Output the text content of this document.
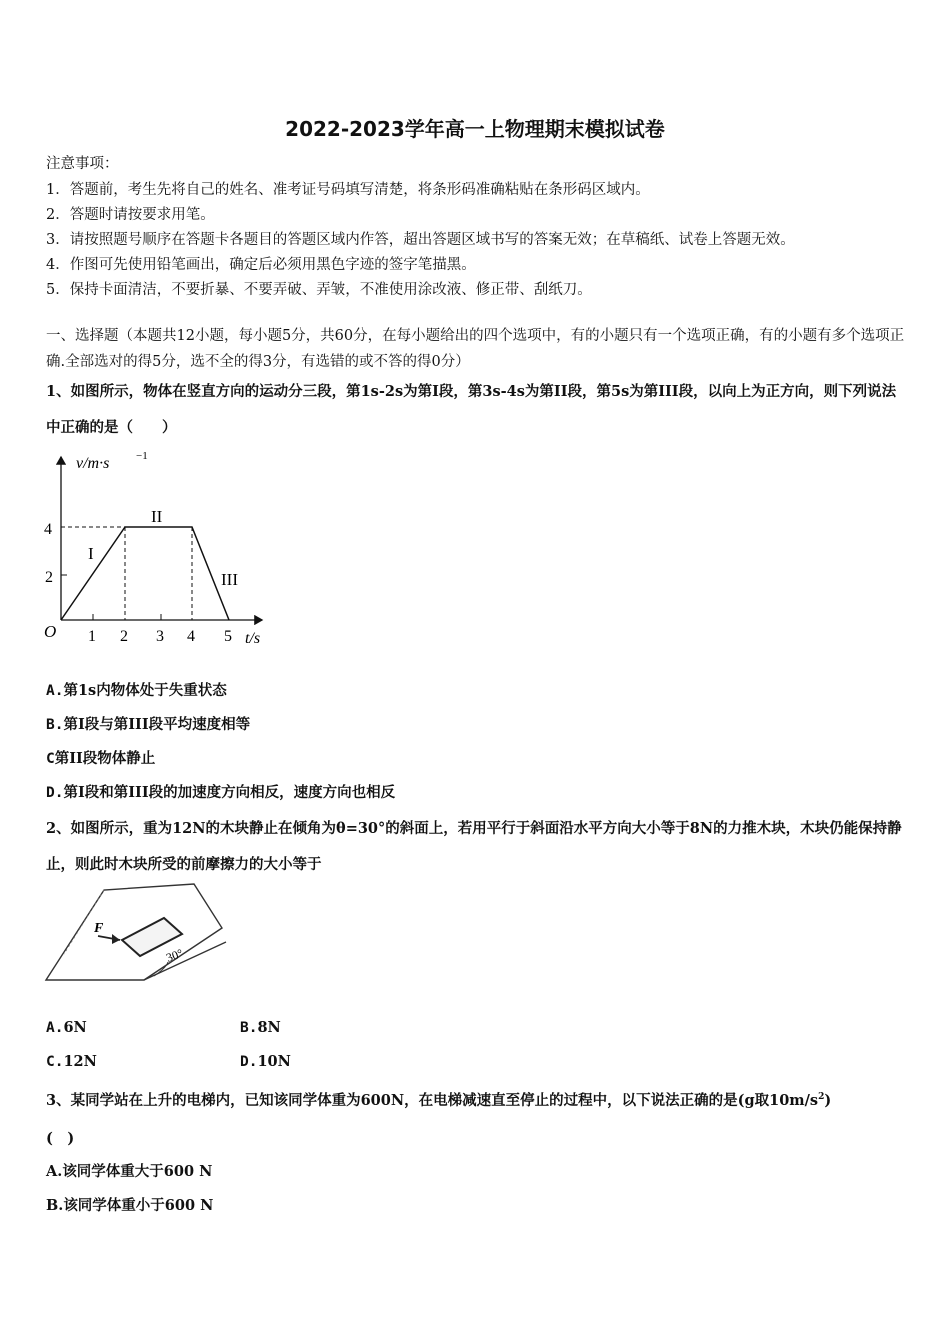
2022-2023学年高一上物理期末模拟试卷
注意事项：
1．答题前，考生先将自己的姓名、准考证号码填写清楚，将条形码准确粘贴在条形码区域内。
2．答题时请按要求用笔。
3．请按照题号顺序在答题卡各题目的答题区域内作答，超出答题区域书写的答案无效；在草稿纸、试卷上答题无效。
4．作图可先使用铅笔画出，确定后必须用黑色字迹的签字笔描黑。
5．保持卡面清洁，不要折暴、不要弄破、弄皱，不准使用涂改液、修正带、刮纸刀。
一、选择题（本题共12小题，每小题5分，共60分，在每小题给出的四个选项中，有的小题只有一个选项正确，有的小题有多个选项正确.全部选对的得5分，选不全的得3分，有选错的或不答的得0分）
1、如图所示，物体在竖直方向的运动分三段，第1s-2s为第I段，第3s-4s为第II段，第5s为第III段，以向上为正方向，则下列说法中正确的是（　　）
v/m·s −1
4
2
O 1 2 3 4 5 t/s
I
II
III
A.第1s内物体处于失重状态
B.第I段与第III段平均速度相等
C第II段物体静止
D.第I段和第III段的加速度方向相反，速度方向也相反
2、如图所示，重为12N的木块静止在倾角为θ=30°的斜面上，若用平行于斜面沿水平方向大小等于8N的力推木块，木块仍能保持静止，则此时木块所受的前摩擦力的大小等于
F
30°
A.6N	B.8N
C.12N	D.10N
3、某同学站在上升的电梯内，已知该同学体重为600N，在电梯减速直至停止的过程中，以下说法正确的是(g取$10m/s^2$)
(　)
A.该同学体重大于600 N
B.该同学体重小于600 N
